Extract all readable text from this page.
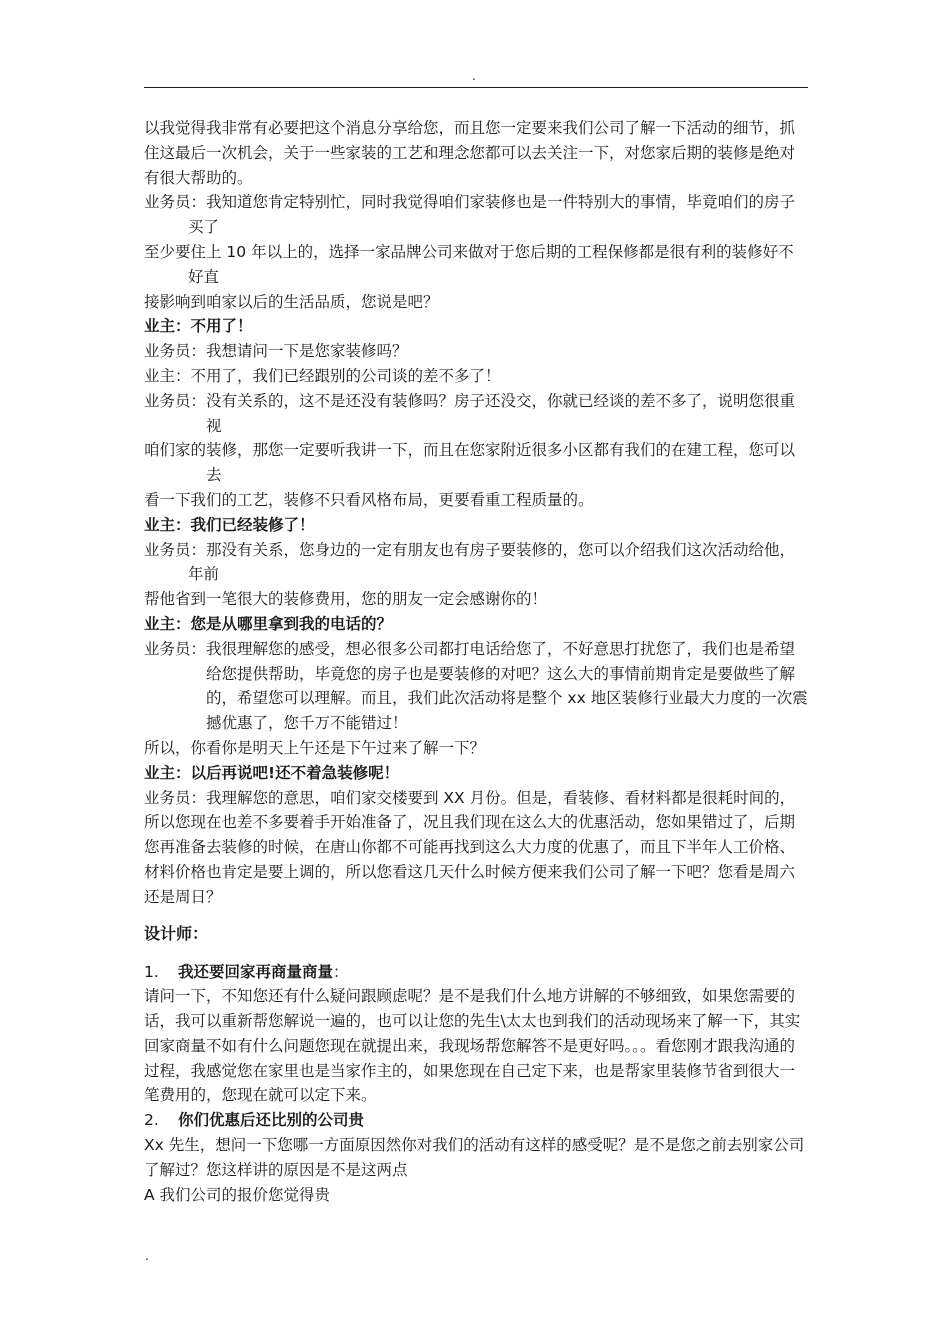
.

以我觉得我非常有必要把这个消息分享给您，而且您一定要来我们公司了解一下活动的细节，抓住这最后一次机会，关于一些家装的工艺和理念您都可以去关注一下，对您家后期的装修是绝对有很大帮助的。

业务员：我知道您肯定特别忙，同时我觉得咱们家装修也是一件特别大的事情，毕竟咱们的房子买了

至少要住上 10 年以上的，选择一家品牌公司来做对于您后期的工程保修都是很有利的装修好不好直

接影响到咱家以后的生活品质，您说是吧？

业主：不用了！

业务员：我想请问一下是您家装修吗？

业主：不用了，我们已经跟别的公司谈的差不多了！

业务员：没有关系的，这不是还没有装修吗？房子还没交，你就已经谈的差不多了，说明您很重视

咱们家的装修，那您一定要听我讲一下，而且在您家附近很多小区都有我们的在建工程，您可以去

看一下我们的工艺，装修不只看风格布局，更要看重工程质量的。

业主：我们已经装修了！

业务员：那没有关系，您身边的一定有朋友也有房子要装修的，您可以介绍我们这次活动给他，年前

帮他省到一笔很大的装修费用，您的朋友一定会感谢你的！

业主：您是从哪里拿到我的电话的？

业务员：我很理解您的感受，想必很多公司都打电话给您了，不好意思打扰您了，我们也是希望给您提供帮助，毕竟您的房子也是要装修的对吧？这么大的事情前期肯定是要做些了解的，希望您可以理解。而且，我们此次活动将是整个 xx 地区装修行业最大力度的一次震撼优惠了，您千万不能错过！

所以，你看你是明天上午还是下午过来了解一下？

业主：以后再说吧!还不着急装修呢！

业务员：我理解您的意思，咱们家交楼要到 XX 月份。但是，看装修、看材料都是很耗时间的，所以您现在也差不多要着手开始准备了，况且我们现在这么大的优惠活动，您如果错过了，后期您再准备去装修的时候，在唐山你都不可能再找到这么大力度的优惠了，而且下半年人工价格、材料价格也肯定是要上调的，所以您看这几天什么时候方便来我们公司了解一下吧？您看是周六还是周日？

设计师：

1. 我还要回家再商量商量：

请问一下，不知您还有什么疑问跟顾虑呢？是不是我们什么地方讲解的不够细致，如果您需要的话，我可以重新帮您解说一遍的，也可以让您的先生\太太也到我们的活动现场来了解一下，其实回家商量不如有什么问题您现在就提出来，我现场帮您解答不是更好吗。。。看您刚才跟我沟通的过程，我感觉您在家里也是当家作主的，如果您现在自己定下来，也是帮家里装修节省到很大一笔费用的，您现在就可以定下来。

2. 你们优惠后还比别的公司贵

Xx 先生，想问一下您哪一方面原因然你对我们的活动有这样的感受呢？是不是您之前去别家公司了解过？您这样讲的原因是不是这两点

A 我们公司的报价您觉得贵

.
